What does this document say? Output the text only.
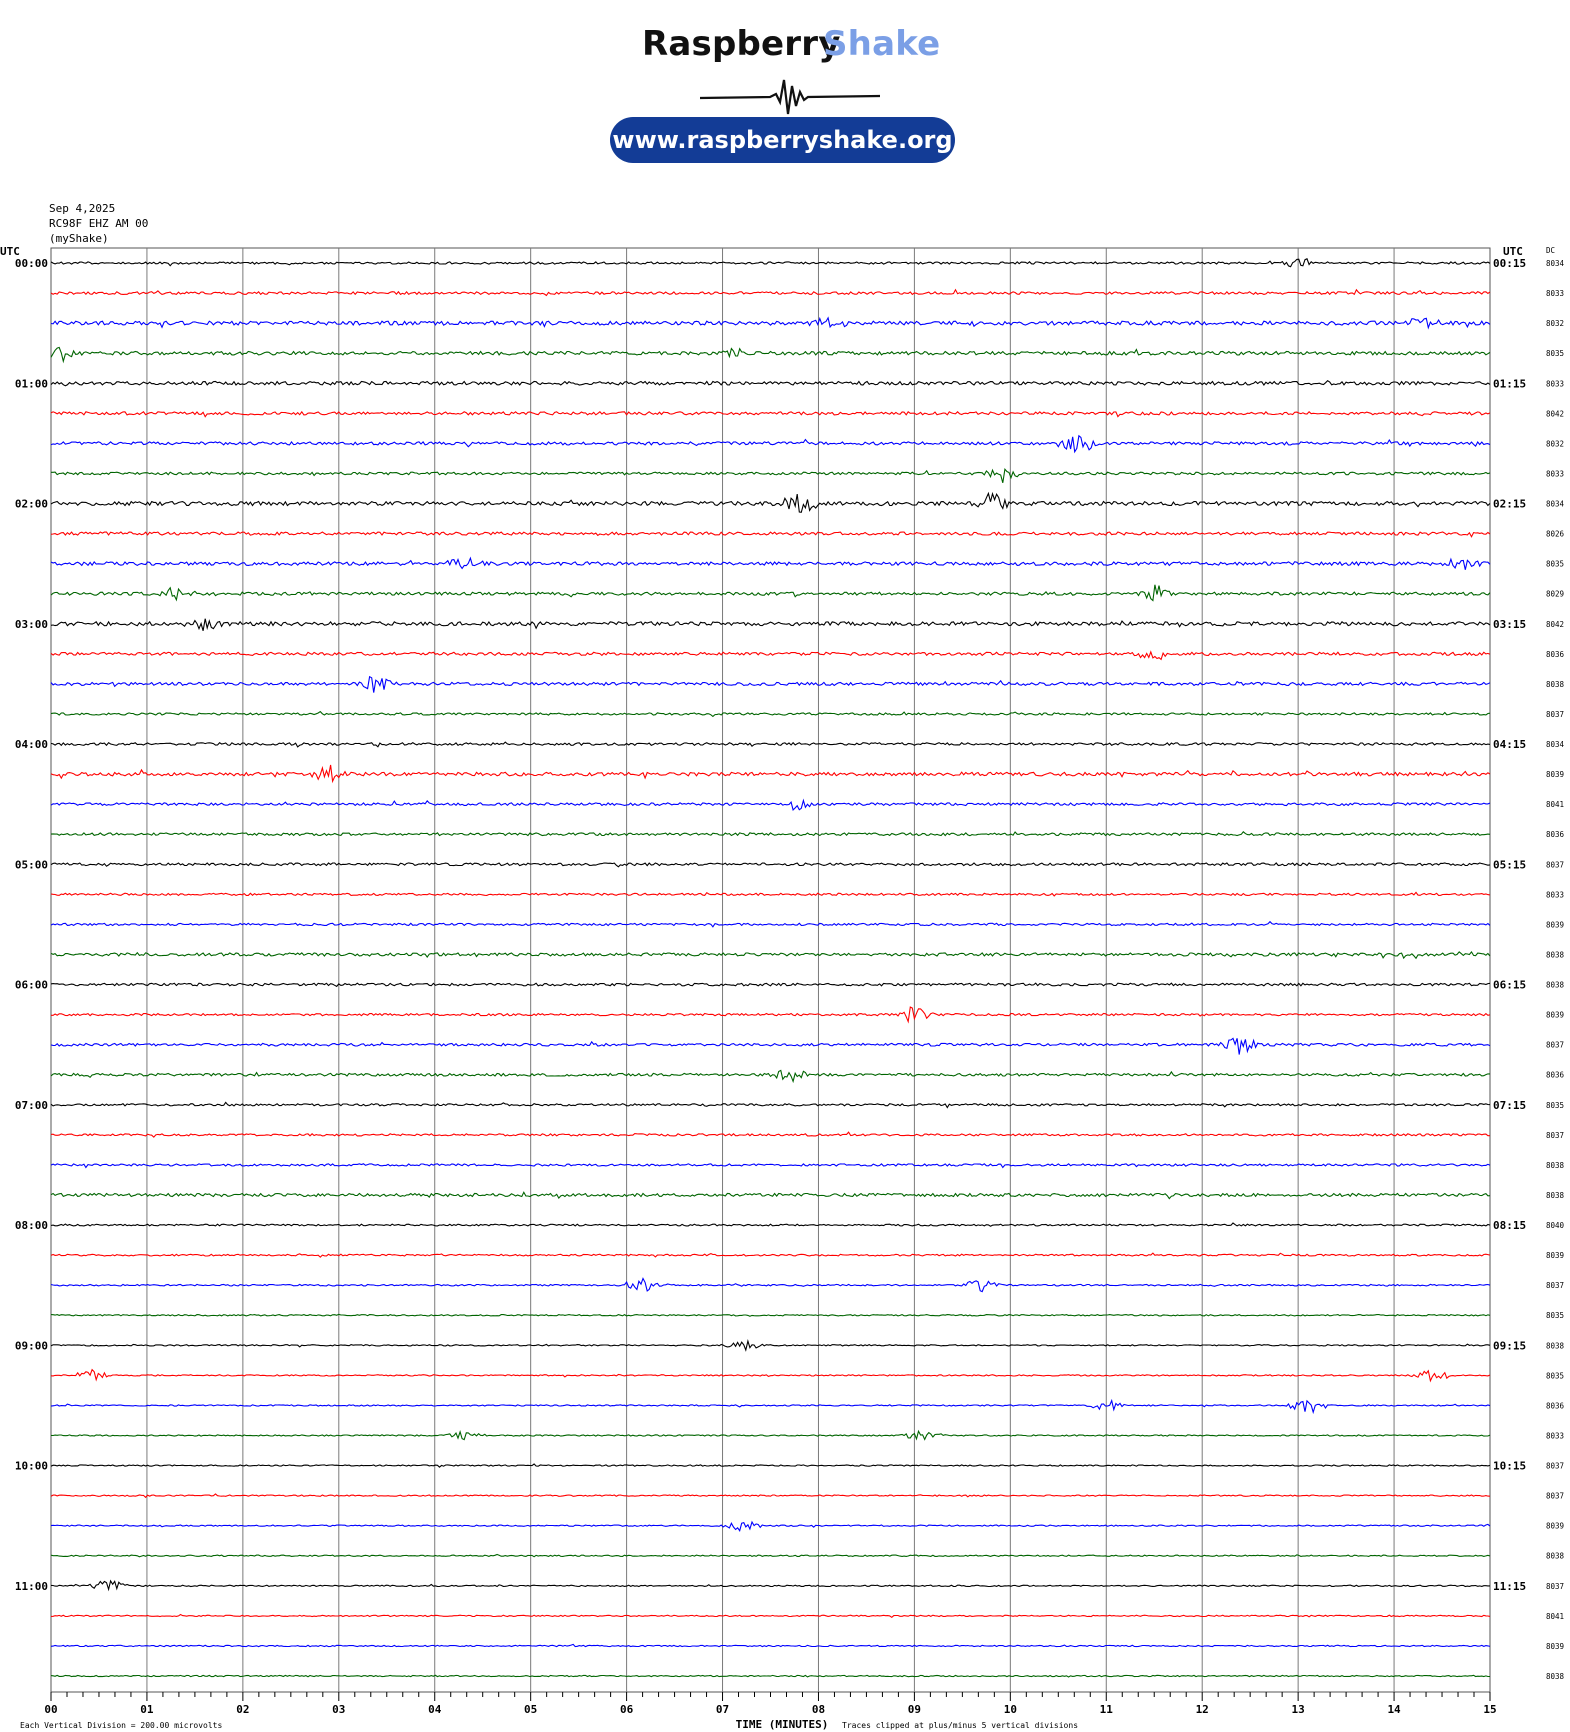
Raspberry
Shake
www.raspberryshake.org
Sep 4,2025
RC98F EHZ AM 00
(myShake)
8034
8033
8032
8035
8033
8042
8032
8033
8034
8026
8035
8029
8042
8036
8038
8037
8034
8039
8041
8036
8037
8033
8039
8038
8038
8039
8037
8036
8035
8037
8038
8038
8040
8039
8037
8035
8038
8035
8036
8033
8037
8037
8039
8038
8037
8041
8039
8038
00:00	00:15
01:00	01:15
02:00	02:15
03:00	03:15
04:00	04:15
05:00	05:15
06:00	06:15
07:00	07:15
08:00	08:15
09:00	09:15
10:00	10:15
11:00	11:15
UTC	UTC	DC
00	01	02	03	04	05	06	07	08	09	10	11	12	13	14	15
TIME (MINUTES)
Each Vertical Division = 200.00 microvolts	Traces clipped at plus/minus 5 vertical divisions
